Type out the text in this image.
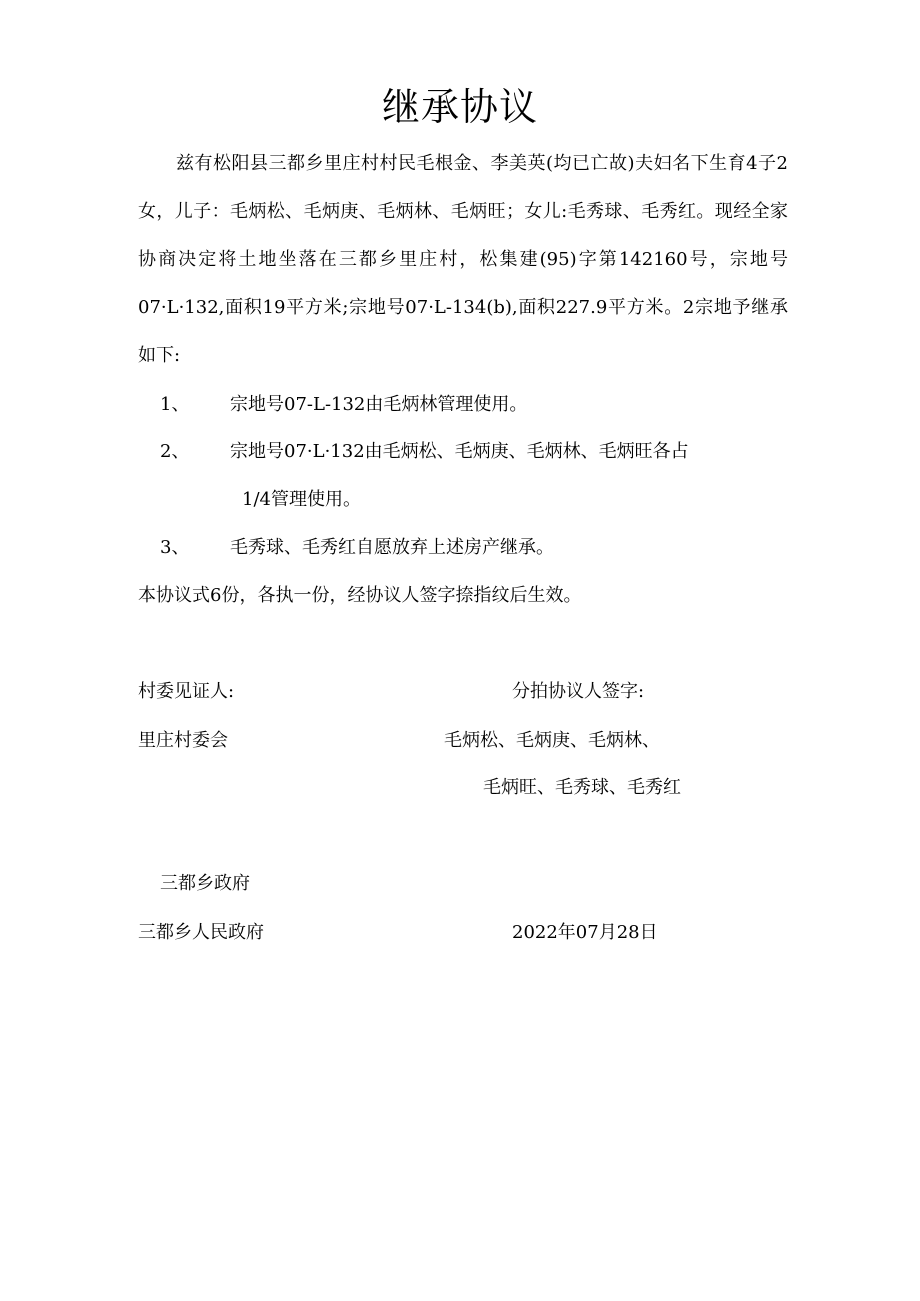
继承协议
兹有松阳县三都乡里庄村村民毛根金、李美英(均已亡故)夫妇名下生育4子2女，儿子：毛炳松、毛炳庚、毛炳林、毛炳旺；女儿:毛秀球、毛秀红。现经全家协商决定将土地坐落在三都乡里庄村，松集建(95)字第142160号，宗地号07·L·132,面积19平方米;宗地号07·L-134(b),面积227.9平方米。2宗地予继承如下:
1、	宗地号07-L-132由毛炳林管理使用。
2、	宗地号07·L·132由毛炳松、毛炳庚、毛炳林、毛炳旺各占
1/4管理使用。
3、	毛秀球、毛秀红自愿放弃上述房产继承。
本协议式6份，各执一份，经协议人签字捺指纹后生效。
村委见证人:	分拍协议人签字:
里庄村委会	毛炳松、毛炳庚、毛炳林、
毛炳旺、毛秀球、毛秀红
三都乡政府
三都乡人民政府	2022年07月28日
